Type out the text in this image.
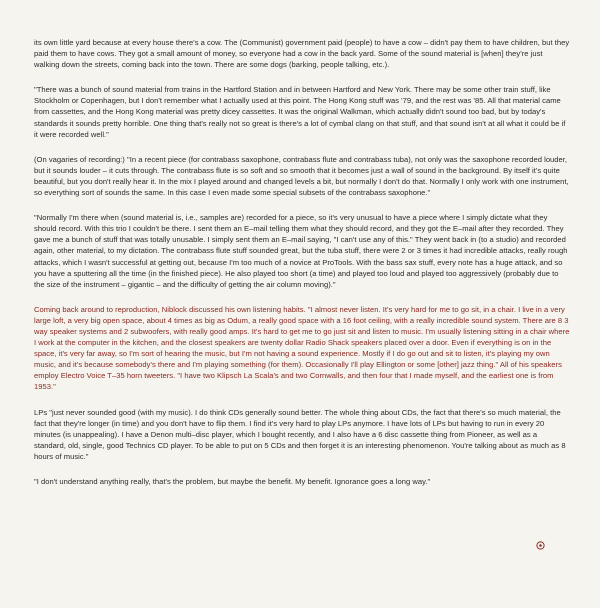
its own little yard because at every house there's a cow. The (Communist) government paid (people) to have a cow – didn't pay them to have children, but they paid them to have cows. They got a small amount of money, so everyone had a cow in the back yard. Some of the sound material is [when] they're just walking down the streets, coming back into the town. There are some dogs (barking, people talking, etc.).

"There was a bunch of sound material from trains in the Hartford Station and in between Hartford and New York. There may be some other train stuff, like Stockholm or Copenhagen, but I don't remember what I actually used at this point. The Hong Kong stuff was '79, and the rest was '85. All that material came from cassettes, and the Hong Kong material was pretty dicey cassettes. It was the original Walkman, which actually didn't sound too bad, but by today's standards it sounds pretty horrible. One thing that's really not so great is there's a lot of cymbal clang on that stuff, and that sound isn't at all what it could be if it were recorded well."

(On vagaries of recording:) "In a recent piece (for contrabass saxophone, contrabass flute and contrabass tuba), not only was the saxophone recorded louder, but it sounds louder – it cuts through. The contrabass flute is so soft and so smooth that it becomes just a wall of sound in the background. By itself it's quite beautiful, but you don't really hear it. In the mix I played around and changed levels a bit, but normally I don't do that. Normally I only work with one instrument, so everything sort of sounds the same. In this case I even made some special subsets of the contrabass saxophone."

"Normally I'm there when (sound material is, i.e., samples are) recorded for a piece, so it's very unusual to have a piece where I simply dictate what they should record. With this trio I couldn't be there. I sent them an E–mail telling them what they should record, and they got the E–mail after they recorded. They gave me a bunch of stuff that was totally unusable. I simply sent them an E–mail saying, "I can't use any of this." They went back in (to a studio) and recorded again, other material, to my dictation. The contrabass flute stuff sounded great, but the tuba stuff, there were 2 or 3 times it had incredible attacks, really rough attacks, which I wasn't successful at getting out, because I'm too much of a novice at ProTools. With the bass sax stuff, every note has a huge attack, and so you have a sputtering all the time (in the finished piece). He also played too short (a time) and played too loud and played too aggressively (probably due to the size of the instrument – gigantic – and the difficulty of getting the air column moving)."

Coming back around to reproduction, Niblock discussed his own listening habits. "I almost never listen. It's very hard for me to go sit, in a chair. I live in a very large loft, a very big open space, about 4 times as big as Odum, a really good space with a 16 foot ceiling, with a really incredible sound system. There are 8 3 way speaker systems and 2 subwoofers, with really good amps. It's hard to get me to go just sit and listen to music. I'm usually listening sitting in a chair where I work at the computer in the kitchen, and the closest speakers are twenty dollar Radio Shack speakers placed over a door. Even if everything is on in the space, it's very far away, so I'm sort of hearing the music, but I'm not having a sound experience. Mostly if I do go out and sit to listen, it's playing my own music, and it's because somebody's there and I'm playing something (for them). Occasionally I'll play Ellington or some [other] jazz thing." All of his speakers employ Electro Voice T–35 horn tweeters. "I have two Klipsch La Scala's and two Cornwalls, and then four that I made myself, and the earliest one is from 1953."

LPs "just never sounded good (with my music). I do think CDs generally sound better. The whole thing about CDs, the fact that there's so much material, the fact that they're longer (in time) and you don't have to flip them. I find it's very hard to play LPs anymore. I have lots of LPs but having to run in every 20 minutes (is unappealing). I have a Denon multi–disc player, which I bought recently, and I also have a 6 disc cassette thing from Pioneer, as well as a standard, old, single, good Technics CD player. To be able to put on 5 CDs and then forget it is an interesting phenomenon. You're talking about as much as 8 hours of music."

"I don't understand anything really, that's the problem, but maybe the benefit. My benefit. Ignorance goes a long way."
